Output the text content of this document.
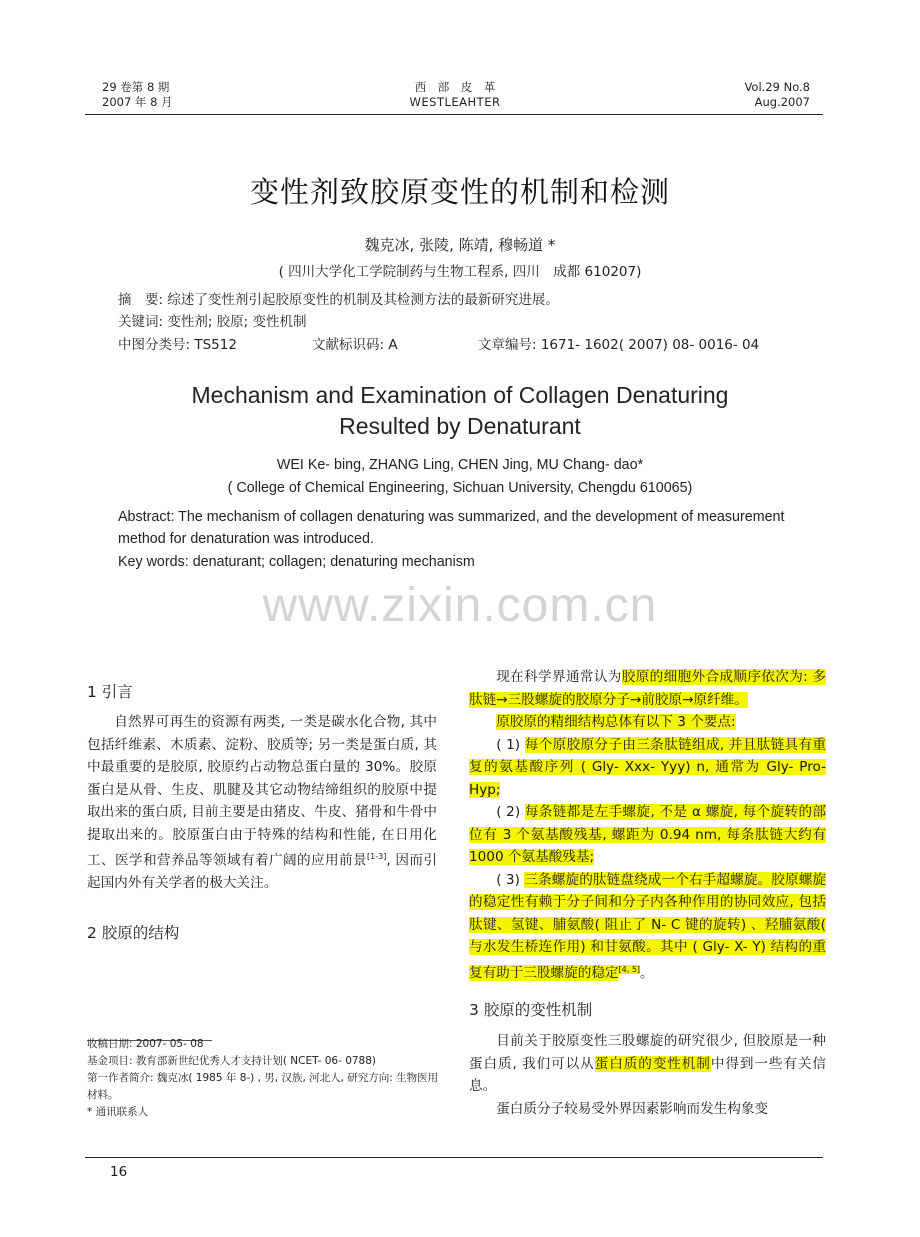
29 卷第 8 期
2007 年 8 月
西　部　皮　革
WESTLEAHTER
Vol.29 No.8
Aug.2007
变性剂致胶原变性的机制和检测
魏克冰, 张陵, 陈靖, 穆畅道 *
( 四川大学化工学院制药与生物工程系, 四川　成都 610207)
摘　要: 综述了变性剂引起胶原变性的机制及其检测方法的最新研究进展。
关键词: 变性剂; 胶原; 变性机制
中图分类号: TS512	文献标识码: A	文章编号: 1671- 1602( 2007) 08- 0016- 04
Mechanism and Examination of Collagen Denaturing
Resulted by Denaturant
WEI Ke- bing, ZHANG Ling, CHEN Jing, MU Chang- dao*
( College of Chemical Engineering, Sichuan University, Chengdu 610065)
Abstract: The mechanism of collagen denaturing was summarized, and the development of measurement method for denaturation was introduced.
Key words: denaturant; collagen; denaturing mechanism
www.zixin.com.cn
1 引言

自然界可再生的资源有两类, 一类是碳水化合物, 其中包括纤维素、木质素、淀粉、胶质等; 另一类是蛋白质, 其中最重要的是胶原, 胶原约占动物总蛋白量的 30%。胶原蛋白是从骨、生皮、肌腱及其它动物结缔组织的胶原中提取出来的蛋白质, 目前主要是由猪皮、牛皮、猪骨和牛骨中提取出来的。胶原蛋白由于特殊的结构和性能, 在日用化工、医学和营养品等领域有着广阔的应用前景[1-3], 因而引起国内外有关学者的极大关注。

2 胶原的结构
收稿日期: 2007- 05- 08
基金项目: 教育部新世纪优秀人才支持计划( NCET- 06- 0788)
第一作者简介: 魏克冰( 1985 年 8-) , 男, 汉族, 河北人, 研究方向: 生物医用材料。
* 通讯联系人

现在科学界通常认为胶原的细胞外合成顺序依次为: 多肽链→三股螺旋的胶原分子→前胶原→原纤维。

原胶原的精细结构总体有以下 3 个要点:

( 1) 每个原胶原分子由三条肽链组成, 并且肽链具有重复的氨基酸序列 ( Gly- Xxx- Yyy) n, 通常为 Gly- Pro- Hyp;

( 2) 每条链都是左手螺旋, 不是 α 螺旋, 每个旋转的部位有 3 个氨基酸残基, 螺距为 0.94 nm, 每条肽链大约有 1000 个氨基酸残基;

( 3) 三条螺旋的肽链盘绕成一个右手超螺旋。胶原螺旋的稳定性有赖于分子间和分子内各种作用的协同效应, 包括肽键、氢键、脯氨酸( 阻止了 N- C 键的旋转) 、羟脯氨酸( 与水发生桥连作用) 和甘氨酸。其中 ( Gly- X- Y) 结构的重复有助于三股螺旋的稳定[4, 5]。

3 胶原的变性机制

目前关于胶原变性三股螺旋的研究很少, 但胶原是一种蛋白质, 我们可以从蛋白质的变性机制中得到一些有关信息。

蛋白质分子较易受外界因素影响而发生构象变

16
